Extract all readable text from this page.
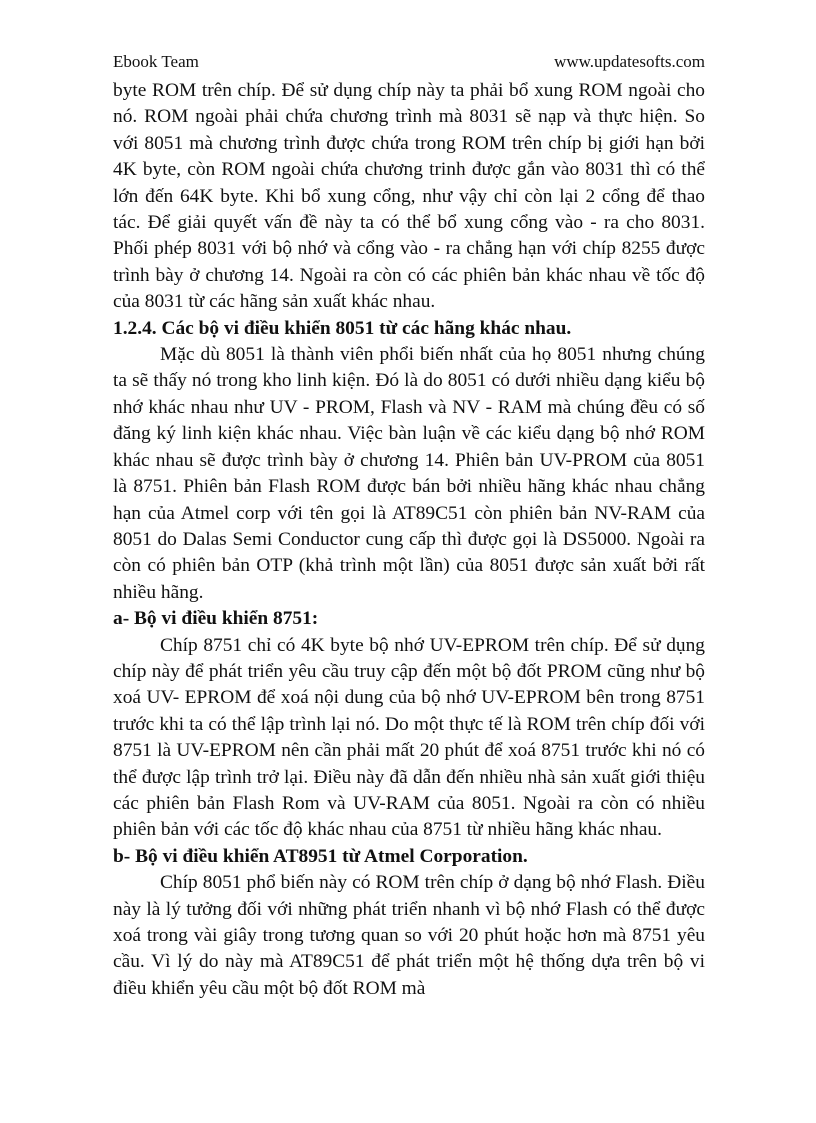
Ebook Team	www.updatesofts.com

byte ROM trên chíp. Để sử dụng chíp này ta phải bổ xung ROM ngoài cho nó. ROM ngoài phải chứa chương trình mà 8031 sẽ nạp và thực hiện. So với 8051 mà chương trình được chứa trong ROM trên chíp bị giới hạn bởi 4K byte, còn ROM ngoài chứa chương trinh được gắn vào 8031 thì có thể lớn đến 64K byte. Khi bổ xung cổng, như vậy chỉ còn lại 2 cổng để thao tác. Để giải quyết vấn đề này ta có thể bổ xung cổng vào - ra cho 8031. Phối phép 8031 với bộ nhớ và cổng vào - ra chẳng hạn với chíp 8255 được trình bày ở chương 14. Ngoài ra còn có các phiên bản khác nhau về tốc độ của 8031 từ các hãng sản xuất khác nhau.

1.2.4. Các bộ vi điều khiển 8051 từ các hãng khác nhau.

Mặc dù 8051 là thành viên phổi biến nhất của họ 8051 nhưng chúng ta sẽ thấy nó trong kho linh kiện. Đó là do 8051 có dưới nhiều dạng kiểu bộ nhớ khác nhau như UV - PROM, Flash và NV - RAM mà chúng đều có số đăng ký linh kiện khác nhau. Việc bàn luận về các kiểu dạng bộ nhớ ROM khác nhau sẽ được trình bày ở chương 14. Phiên bản UV-PROM của 8051 là 8751. Phiên bản Flash ROM được bán bởi nhiều hãng khác nhau chẳng hạn của Atmel corp với tên gọi là AT89C51 còn phiên bản NV-RAM của 8051 do Dalas Semi Conductor cung cấp thì được gọi là DS5000. Ngoài ra còn có phiên bản OTP (khả trình một lần) của 8051 được sản xuất bởi rất nhiều hãng.

a- Bộ vi điều khiển 8751:

Chíp 8751 chỉ có 4K byte bộ nhớ UV-EPROM trên chíp. Để sử dụng chíp này để phát triển yêu cầu truy cập đến một bộ đốt PROM cũng như bộ xoá UV- EPROM để xoá nội dung của bộ nhớ UV-EPROM bên trong 8751 trước khi ta có thể lập trình lại nó. Do một thực tế là ROM trên chíp đối với 8751 là UV-EPROM nên cần phải mất 20 phút để xoá 8751 trước khi nó có thể được lập trình trở lại. Điều này đã dẫn đến nhiều nhà sản xuất giới thiệu các phiên bản Flash Rom và UV-RAM của 8051. Ngoài ra còn có nhiều phiên bản với các tốc độ khác nhau của 8751 từ nhiều hãng khác nhau.

b- Bộ vi điều khiển AT8951 từ Atmel Corporation.

Chíp 8051 phổ biến này có ROM trên chíp ở dạng bộ nhớ Flash. Điều này là lý tưởng đối với những phát triển nhanh vì bộ nhớ Flash có thể được xoá trong vài giây trong tương quan so với 20 phút hoặc hơn mà 8751 yêu cầu. Vì lý do này mà AT89C51 để phát triển một hệ thống dựa trên bộ vi điều khiển yêu cầu một bộ đốt ROM mà
